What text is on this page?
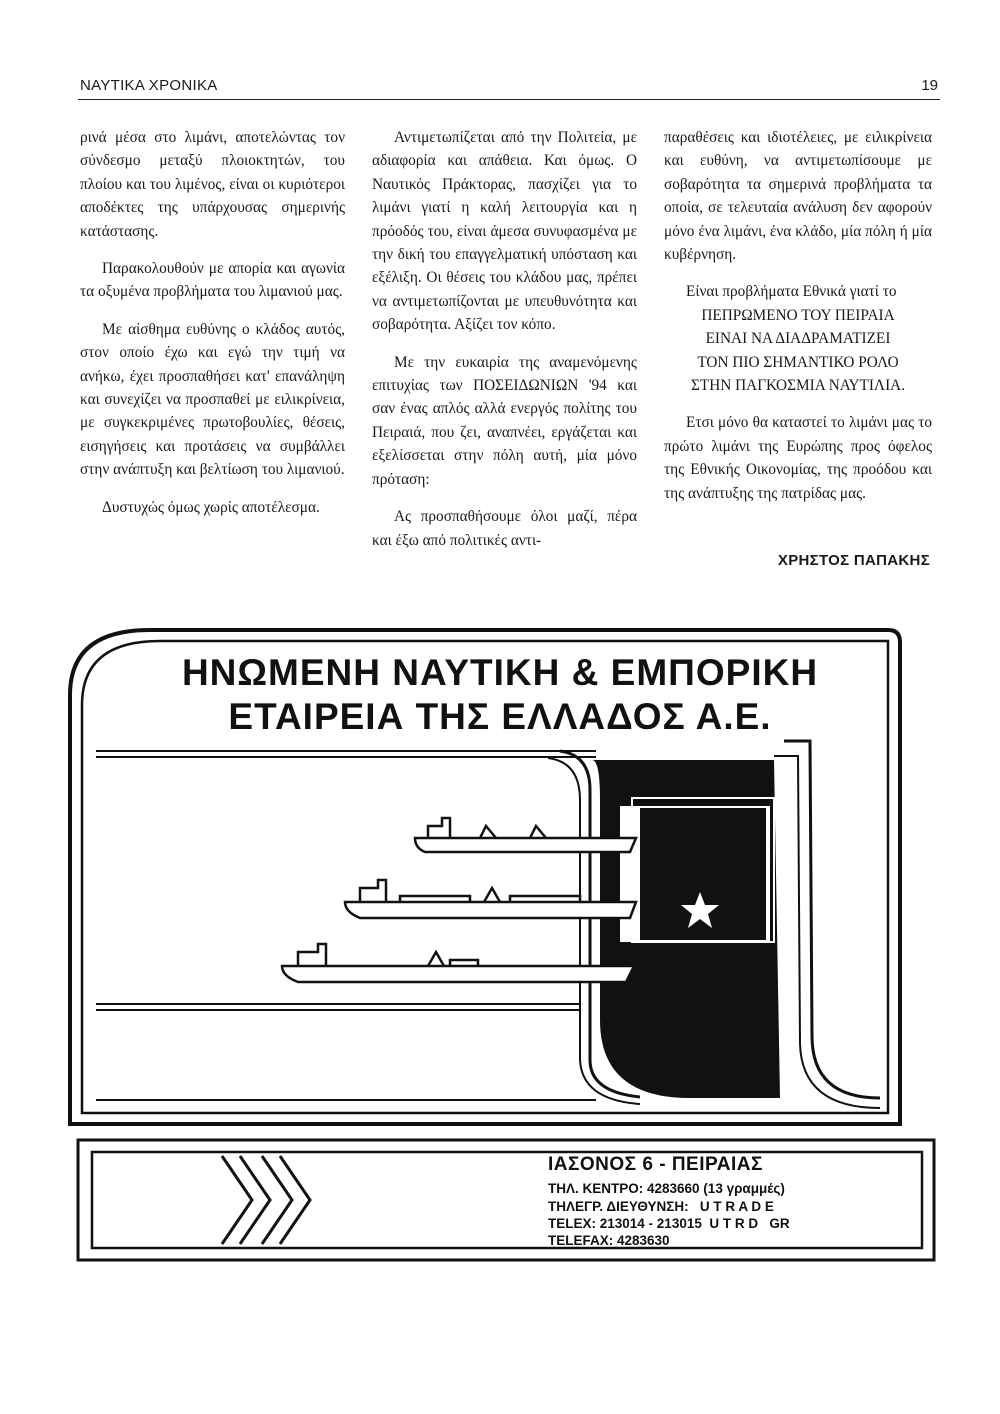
ΝΑΥΤΙΚΑ ΧΡΟΝΙΚΑ	19

ρινά μέσα στο λιμάνι, αποτελώντας τον σύνδεσμο μεταξύ πλοιοκτητών, του πλοίου και του λιμένος, είναι οι κυριότεροι αποδέκτες της υπάρχουσας σημερινής κατάστασης.

Παρακολουθούν με απορία και αγωνία τα οξυμένα προβλήματα του λιμανιού μας.

Με αίσθημα ευθύνης ο κλάδος αυτός, στον οποίο έχω και εγώ την τιμή να ανήκω, έχει προσπαθήσει κατ' επανάληψη και συνεχίζει να προσπαθεί με ειλικρίνεια, με συγκεκριμένες πρωτοβουλίες, θέσεις, εισηγήσεις και προτάσεις να συμβάλλει στην ανάπτυξη και βελτίωση του λιμανιού.

Δυστυχώς όμως χωρίς αποτέλεσμα.

Αντιμετωπίζεται από την Πολιτεία, με αδιαφορία και απάθεια. Και όμως. Ο Ναυτικός Πράκτορας, πασχίζει για το λιμάνι γιατί η καλή λειτουργία και η πρόοδός του, είναι άμεσα συνυφασμένα με την δική του επαγγελματική υπόσταση και εξέλιξη. Οι θέσεις του κλάδου μας, πρέπει να αντιμετωπίζονται με υπευθυνότητα και σοβαρότητα. Αξίζει τον κόπο.

Με την ευκαιρία της αναμενόμενης επιτυχίας των ΠΟΣΕΙΔΩΝΙΩΝ '94 και σαν ένας απλός αλλά ενεργός πολίτης του Πειραιά, που ζει, αναπνέει, εργάζεται και εξελίσσεται στην πόλη αυτή, μία μόνο πρόταση:

Ας προσπαθήσουμε όλοι μαζί, πέρα και έξω από πολιτικές αντι-

παραθέσεις και ιδιοτέλειες, με ειλικρίνεια και ευθύνη, να αντιμετωπίσουμε με σοβαρότητα τα σημερινά προβλήματα τα οποία, σε τελευταία ανάλυση δεν αφορούν μόνο ένα λιμάνι, ένα κλάδο, μία πόλη ή μία κυβέρνηση.

Είναι προβλήματα Εθνικά γιατί το

ΠΕΠΡΩΜΕΝΟ ΤΟΥ ΠΕΙΡΑΙΑ
ΕΙΝΑΙ ΝΑ ΔΙΑΔΡΑΜΑΤΙΖΕΙ
ΤΟΝ ΠΙΟ ΣΗΜΑΝΤΙΚΟ ΡΟΛΟ
ΣΤΗΝ ΠΑΓΚΟΣΜΙΑ ΝΑΥΤΙΛΙΑ.

Ετσι μόνο θα καταστεί το λιμάνι μας το πρώτο λιμάνι της Ευρώπης προς όφελος της Εθνικής Οικονομίας, της προόδου και της ανάπτυξης της πατρίδας μας.

ΧΡΗΣΤΟΣ ΠΑΠΑΚΗΣ
ΗΝΩΜΕΝΗ ΝΑΥΤΙΚΗ & ΕΜΠΟΡΙΚΗ
ΕΤΑΙΡΕΙΑ ΤΗΣ ΕΛΛΑΔΟΣ Α.Ε.
ΙΑΣΟΝΟΣ 6 - ΠΕΙΡΑΙΑΣ
ΤΗΛ. ΚΕΝΤΡΟ: 4283660 (13 γραμμές)
ΤΗΛΕΓΡ. ΔΙΕΥΘΥΝΣΗ:   U T R A D E
TELEX: 213014 - 213015  U T R D   GR
TELEFAX: 4283630
